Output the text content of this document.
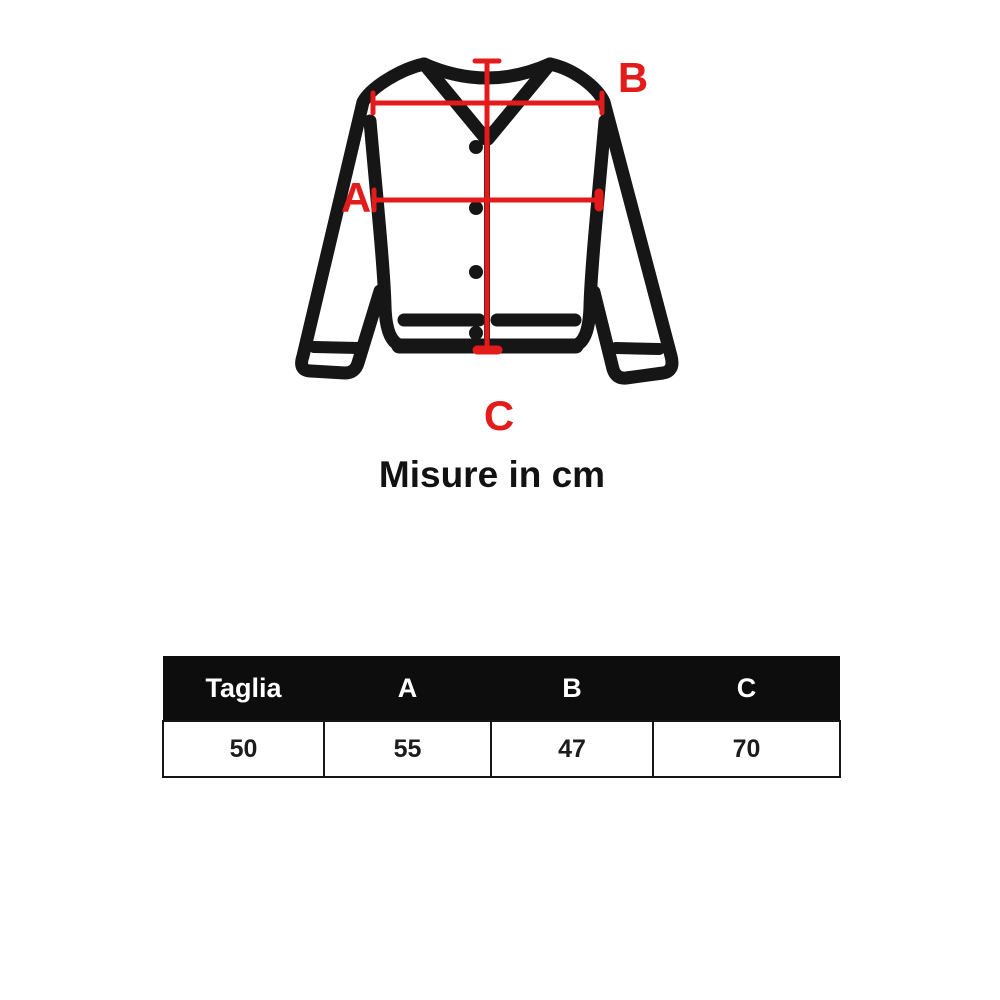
A
B
C
Misure in cm
Taglia	A	B	C
50	55	47	70
